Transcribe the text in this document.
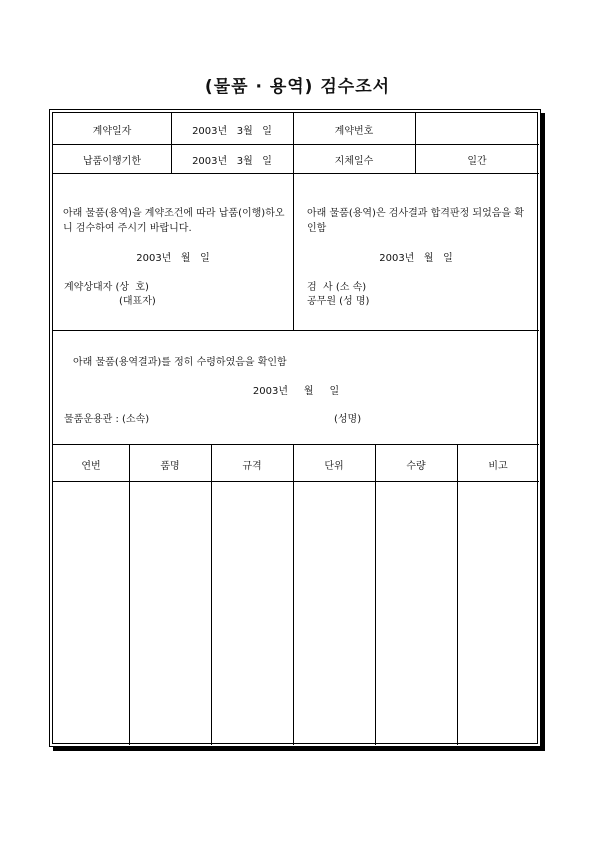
(물품 · 용역) 검수조서
계약일자	2003년   3월   일	계약번호
납품이행기한	2003년   3월   일	지체일수	일간
아래 물품(용역)을 계약조건에 따라 납품(이행)하오니 검수하여 주시기 바랍니다.
2003년   월   일
계약상대자 (상  호)
(대표자)
아래 물품(용역)은 검사결과 합격판정 되었음을 확인함
2003년   월   일
검  사 (소 속)
공무원 (성 명)
아래 물품(용역결과)를 정히 수령하였음을 확인함
2003년     월     일
물품운용관 : (소속)	(성명)
연번	품명	규격	단위	수량	비고
